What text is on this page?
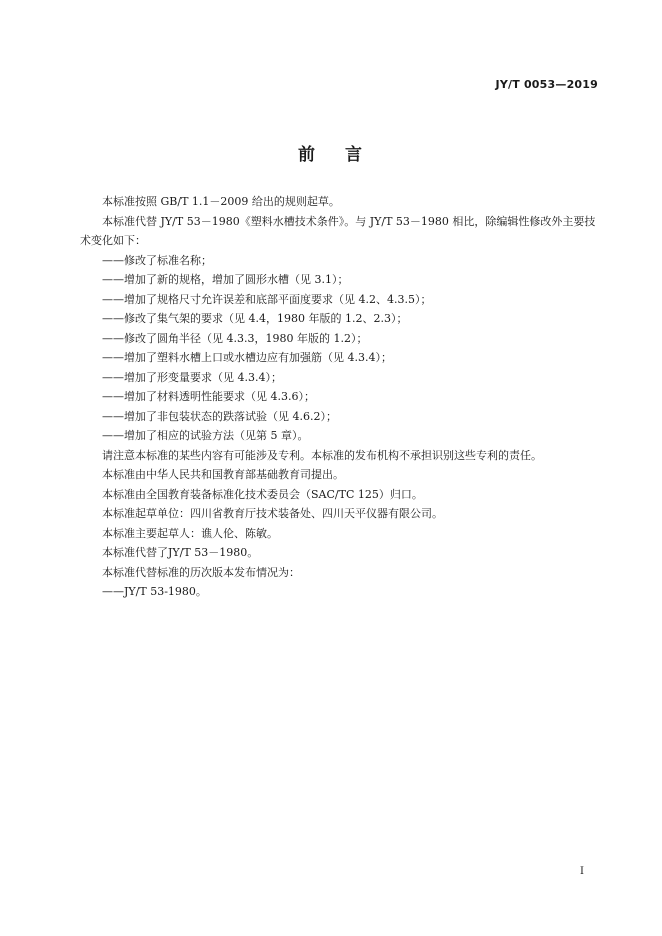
JY/T 0053—2019

前 言

本标准按照 GB/T 1.1－2009 给出的规则起草。

本标准代替 JY/T 53－1980《塑料水槽技术条件》。与 JY/T 53－1980 相比，除编辑性修改外主要技术变化如下：

——修改了标准名称；

——增加了新的规格，增加了圆形水槽（见 3.1）；

——增加了规格尺寸允许误差和底部平面度要求（见 4.2、4.3.5）；

——修改了集气架的要求（见 4.4，1980 年版的 1.2、2.3）；

——修改了圆角半径（见 4.3.3，1980 年版的 1.2）；

——增加了塑料水槽上口或水槽边应有加强筋（见 4.3.4）；

——增加了形变量要求（见 4.3.4）；

——增加了材料透明性能要求（见 4.3.6）；

——增加了非包装状态的跌落试验（见 4.6.2）；

——增加了相应的试验方法（见第 5 章）。

请注意本标准的某些内容有可能涉及专利。本标准的发布机构不承担识别这些专利的责任。

本标准由中华人民共和国教育部基础教育司提出。

本标准由全国教育装备标准化技术委员会（SAC/TC 125）归口。

本标准起草单位：四川省教育厅技术装备处、四川天平仪器有限公司。

本标准主要起草人：谯人伦、陈敏。

本标准代替了JY/T 53－1980。

本标准代替标准的历次版本发布情况为：

——JY/T 53-1980。

I
